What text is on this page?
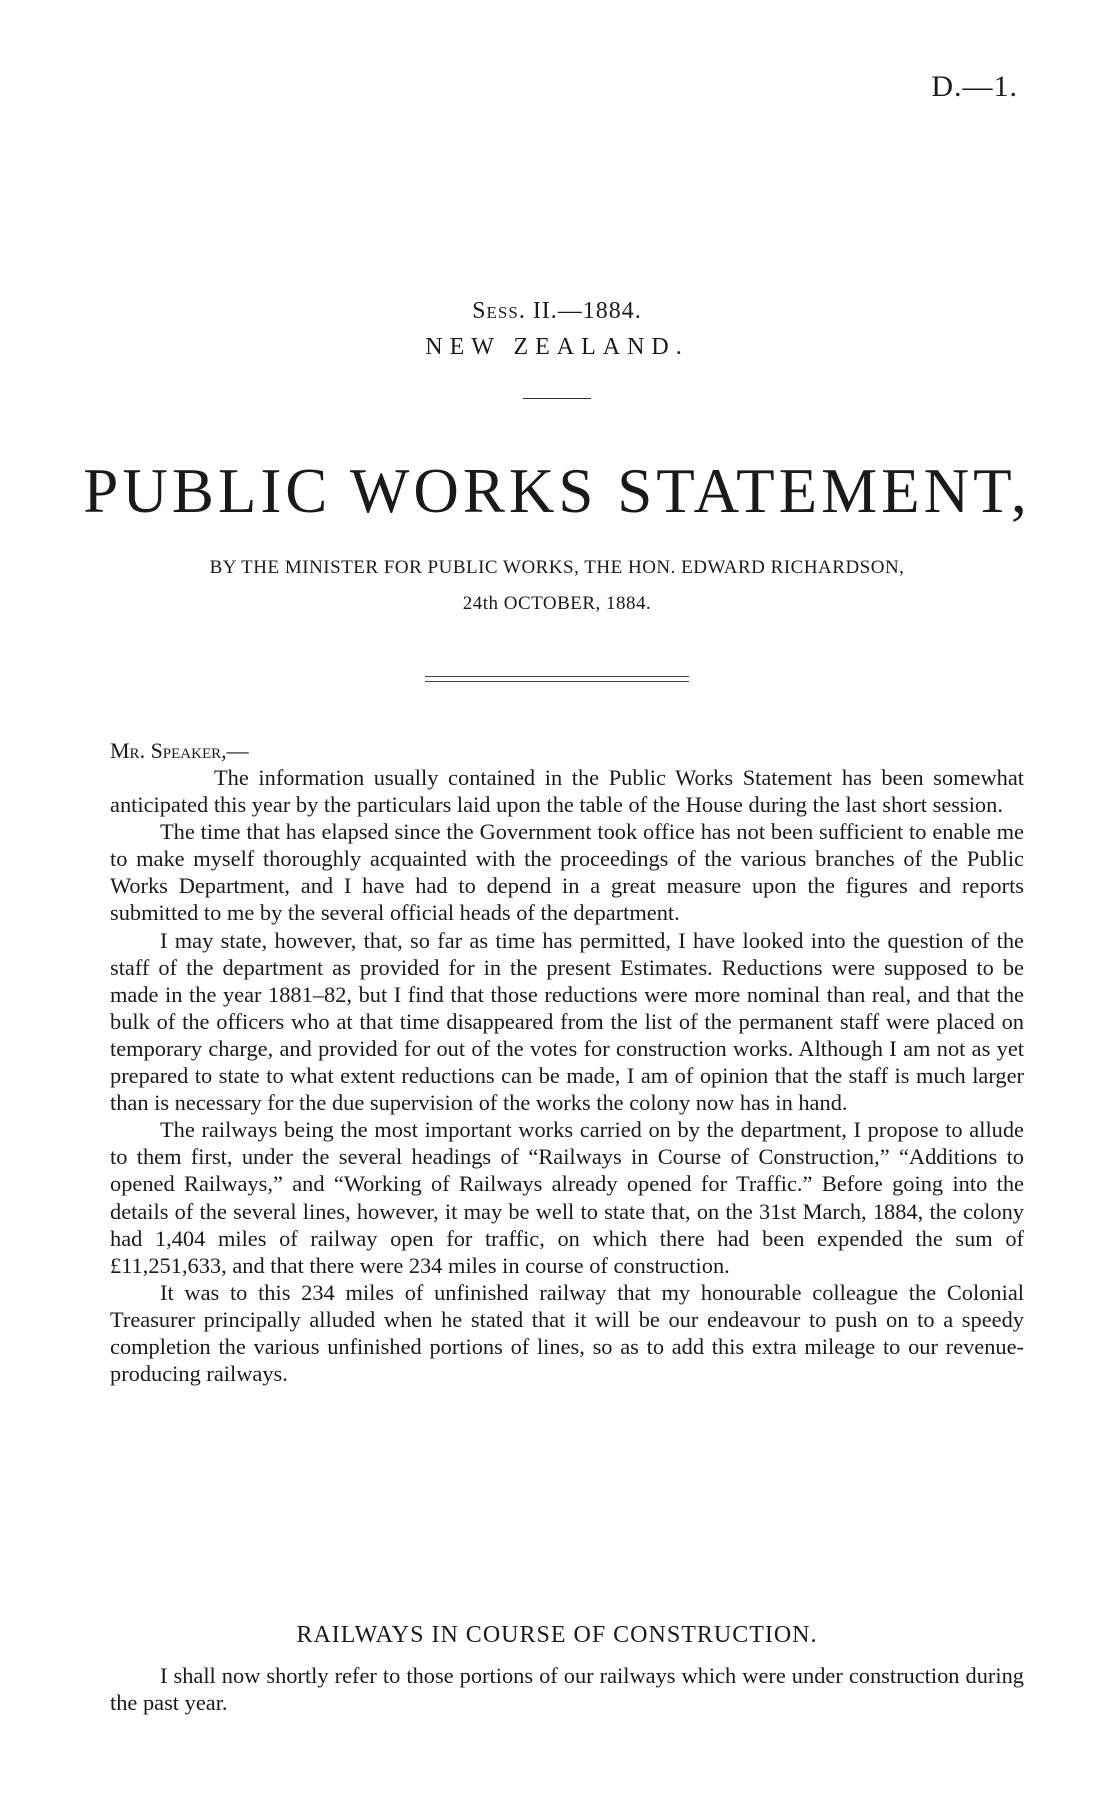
D.—1.
Sess. II.—1884.
NEW ZEALAND.
PUBLIC WORKS STATEMENT,
BY THE MINISTER FOR PUBLIC WORKS, THE HON. EDWARD RICHARDSON,
24th OCTOBER, 1884.
Mr. Speaker,—

The information usually contained in the Public Works Statement has been somewhat anticipated this year by the particulars laid upon the table of the House during the last short session.

The time that has elapsed since the Government took office has not been sufficient to enable me to make myself thoroughly acquainted with the proceedings of the various branches of the Public Works Department, and I have had to depend in a great measure upon the figures and reports submitted to me by the several official heads of the department.

I may state, however, that, so far as time has permitted, I have looked into the question of the staff of the department as provided for in the present Estimates. Reductions were supposed to be made in the year 1881–82, but I find that those reductions were more nominal than real, and that the bulk of the officers who at that time disappeared from the list of the permanent staff were placed on temporary charge, and provided for out of the votes for construction works. Although I am not as yet prepared to state to what extent reductions can be made, I am of opinion that the staff is much larger than is necessary for the due supervision of the works the colony now has in hand.

The railways being the most important works carried on by the department, I propose to allude to them first, under the several headings of “Railways in Course of Construction,” “Additions to opened Railways,” and “Working of Railways already opened for Traffic.” Before going into the details of the several lines, however, it may be well to state that, on the 31st March, 1884, the colony had 1,404 miles of railway open for traffic, on which there had been expended the sum of £11,251,633, and that there were 234 miles in course of construction.

It was to this 234 miles of unfinished railway that my honourable colleague the Colonial Treasurer principally alluded when he stated that it will be our endeavour to push on to a speedy completion the various unfinished portions of lines, so as to add this extra mileage to our revenue-producing railways.

RAILWAYS IN COURSE OF CONSTRUCTION.

I shall now shortly refer to those portions of our railways which were under construction during the past year.
